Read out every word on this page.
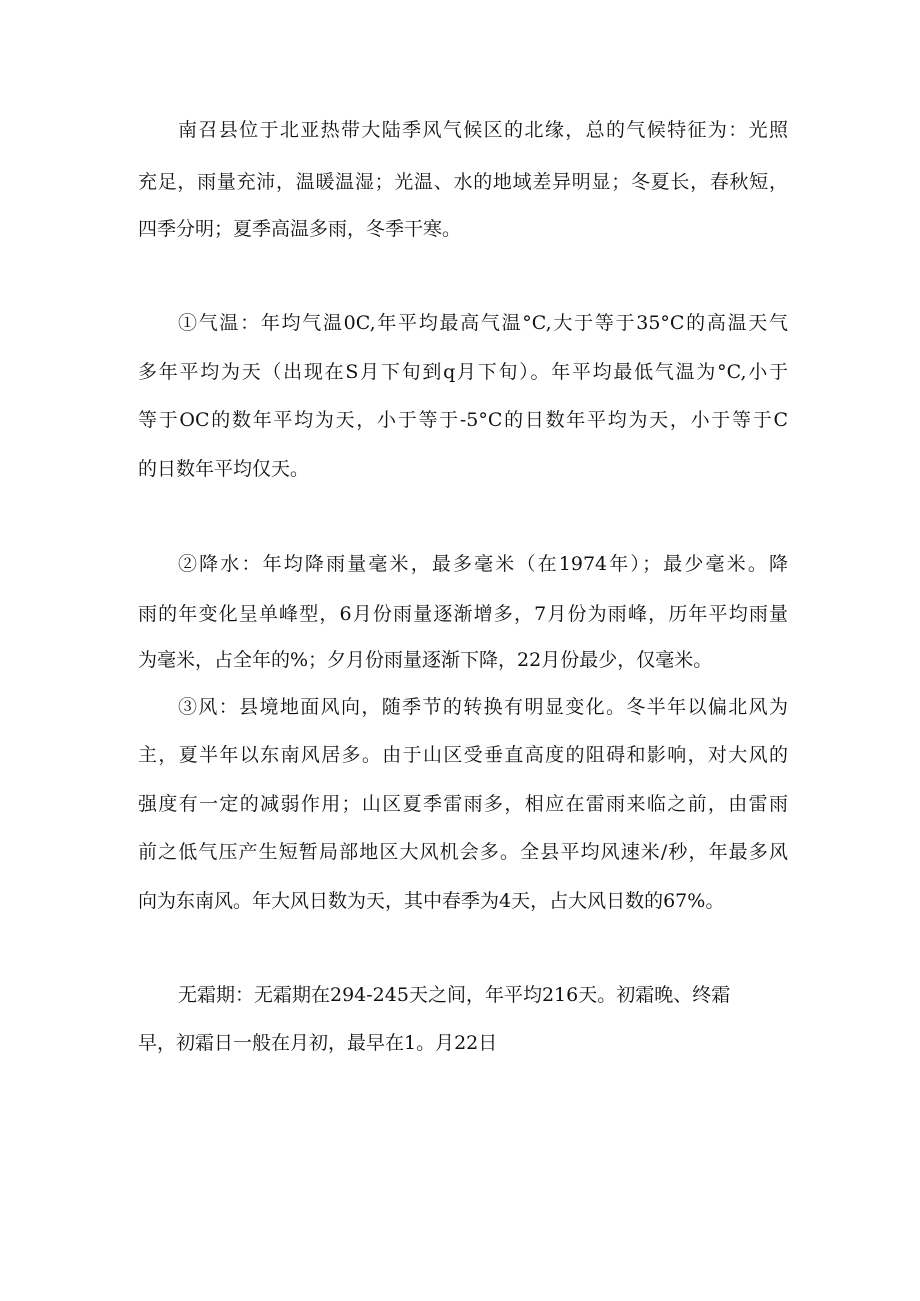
南召县位于北亚热带大陆季风气候区的北缘，总的气候特征为：光照
充足，雨量充沛，温暖温湿；光温、水的地域差异明显；冬夏长，春秋短，
四季分明；夏季高温多雨，冬季干寒。
①气温：年均气温0C,年平均最高气温°C,大于等于35°C的高温天气
多年平均为天（出现在S月下旬到q月下旬）。年平均最低气温为°C,小于
等于OC的数年平均为天，小于等于-5°C的日数年平均为天，小于等于C
的日数年平均仅天。
②降水：年均降雨量毫米，最多毫米（在1974年）；最少毫米。降
雨的年变化呈单峰型，6月份雨量逐渐增多，7月份为雨峰，历年平均雨量
为毫米，占全年的%；夕月份雨量逐渐下降，22月份最少，仅毫米。
③风：县境地面风向，随季节的转换有明显变化。冬半年以偏北风为
主，夏半年以东南风居多。由于山区受垂直高度的阻碍和影响，对大风的
强度有一定的减弱作用；山区夏季雷雨多，相应在雷雨来临之前，由雷雨
前之低气压产生短暂局部地区大风机会多。全县平均风速米/秒，年最多风
向为东南风。年大风日数为天，其中春季为4天，占大风日数的67%。
无霜期：无霜期在294-245天之间，年平均216天。初霜晚、终霜
早，初霜日一般在月初，最早在1。月22日
